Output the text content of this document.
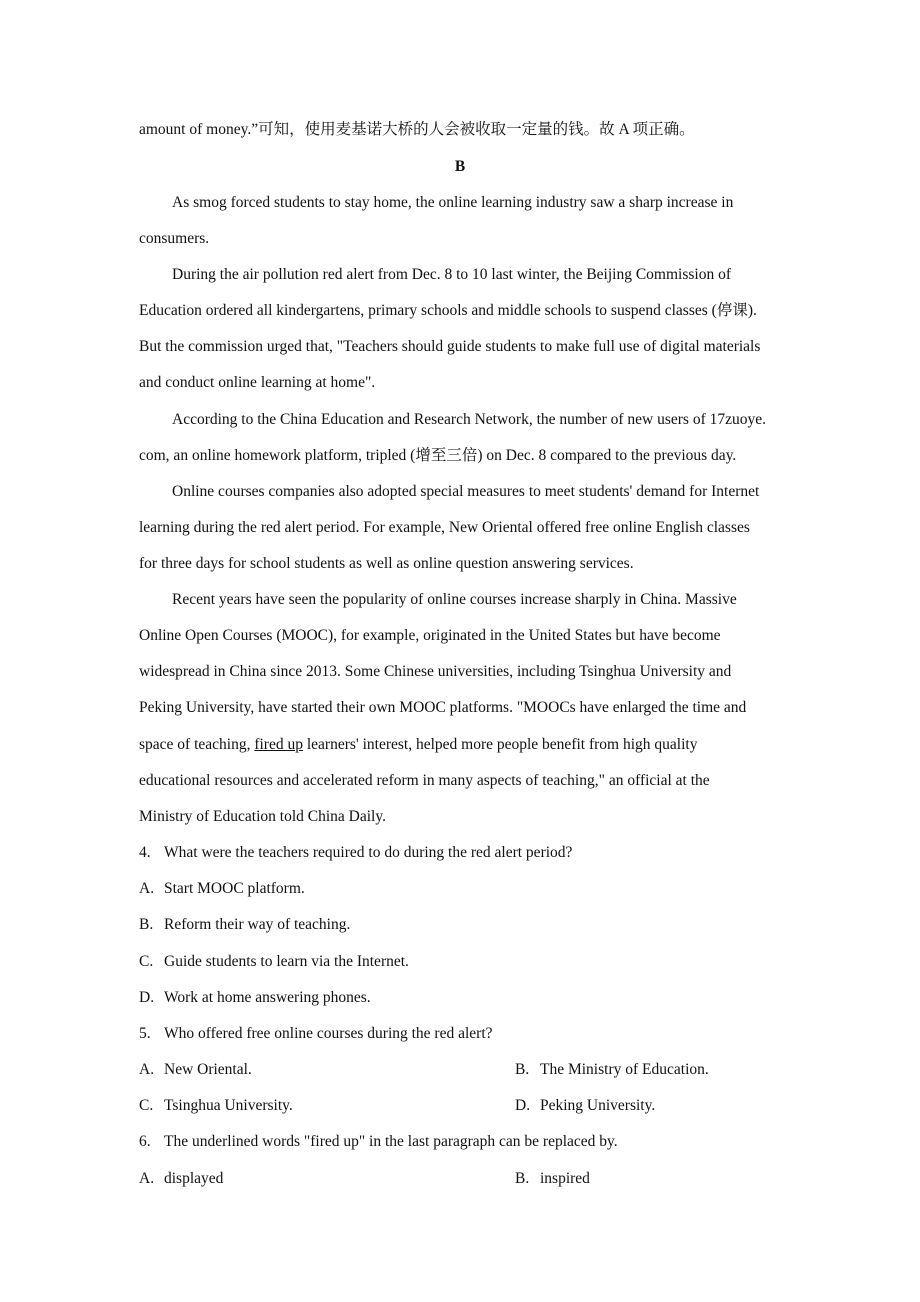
amount of money.”可知，使用麦基诺大桥的人会被收取一定量的钱。故 A 项正确。
B
As smog forced students to stay home, the online learning industry saw a sharp increase in
consumers.
During the air pollution red alert from Dec. 8 to 10 last winter, the Beijing Commission of
Education ordered all kindergartens, primary schools and middle schools to suspend classes (停课).
But the commission urged that, "Teachers should guide students to make full use of digital materials
and conduct online learning at home".
According to the China Education and Research Network, the number of new users of 17zuoye.
com, an online homework platform, tripled (增至三倍) on Dec. 8 compared to the previous day.
Online courses companies also adopted special measures to meet students' demand for Internet
learning during the red alert period. For example, New Oriental offered free online English classes
for three days for school students as well as online question answering services.
Recent years have seen the popularity of online courses increase sharply in China. Massive
Online Open Courses (MOOC), for example, originated in the United States but have become
widespread in China since 2013. Some Chinese universities, including Tsinghua University and
Peking University, have started their own MOOC platforms. "MOOCs have enlarged the time and
space of teaching, fired up learners' interest, helped more people benefit from high quality
educational resources and accelerated reform in many aspects of teaching," an official at the
Ministry of Education told China Daily.
4. What were the teachers required to do during the red alert period?
A. Start MOOC platform.
B. Reform their way of teaching.
C. Guide students to learn via the Internet.
D. Work at home answering phones.
5. Who offered free online courses during the red alert?
A. New Oriental.	B. The Ministry of Education.
C. Tsinghua University.	D. Peking University.
6. The underlined words "fired up" in the last paragraph can be replaced by.
A. displayed	B. inspired
